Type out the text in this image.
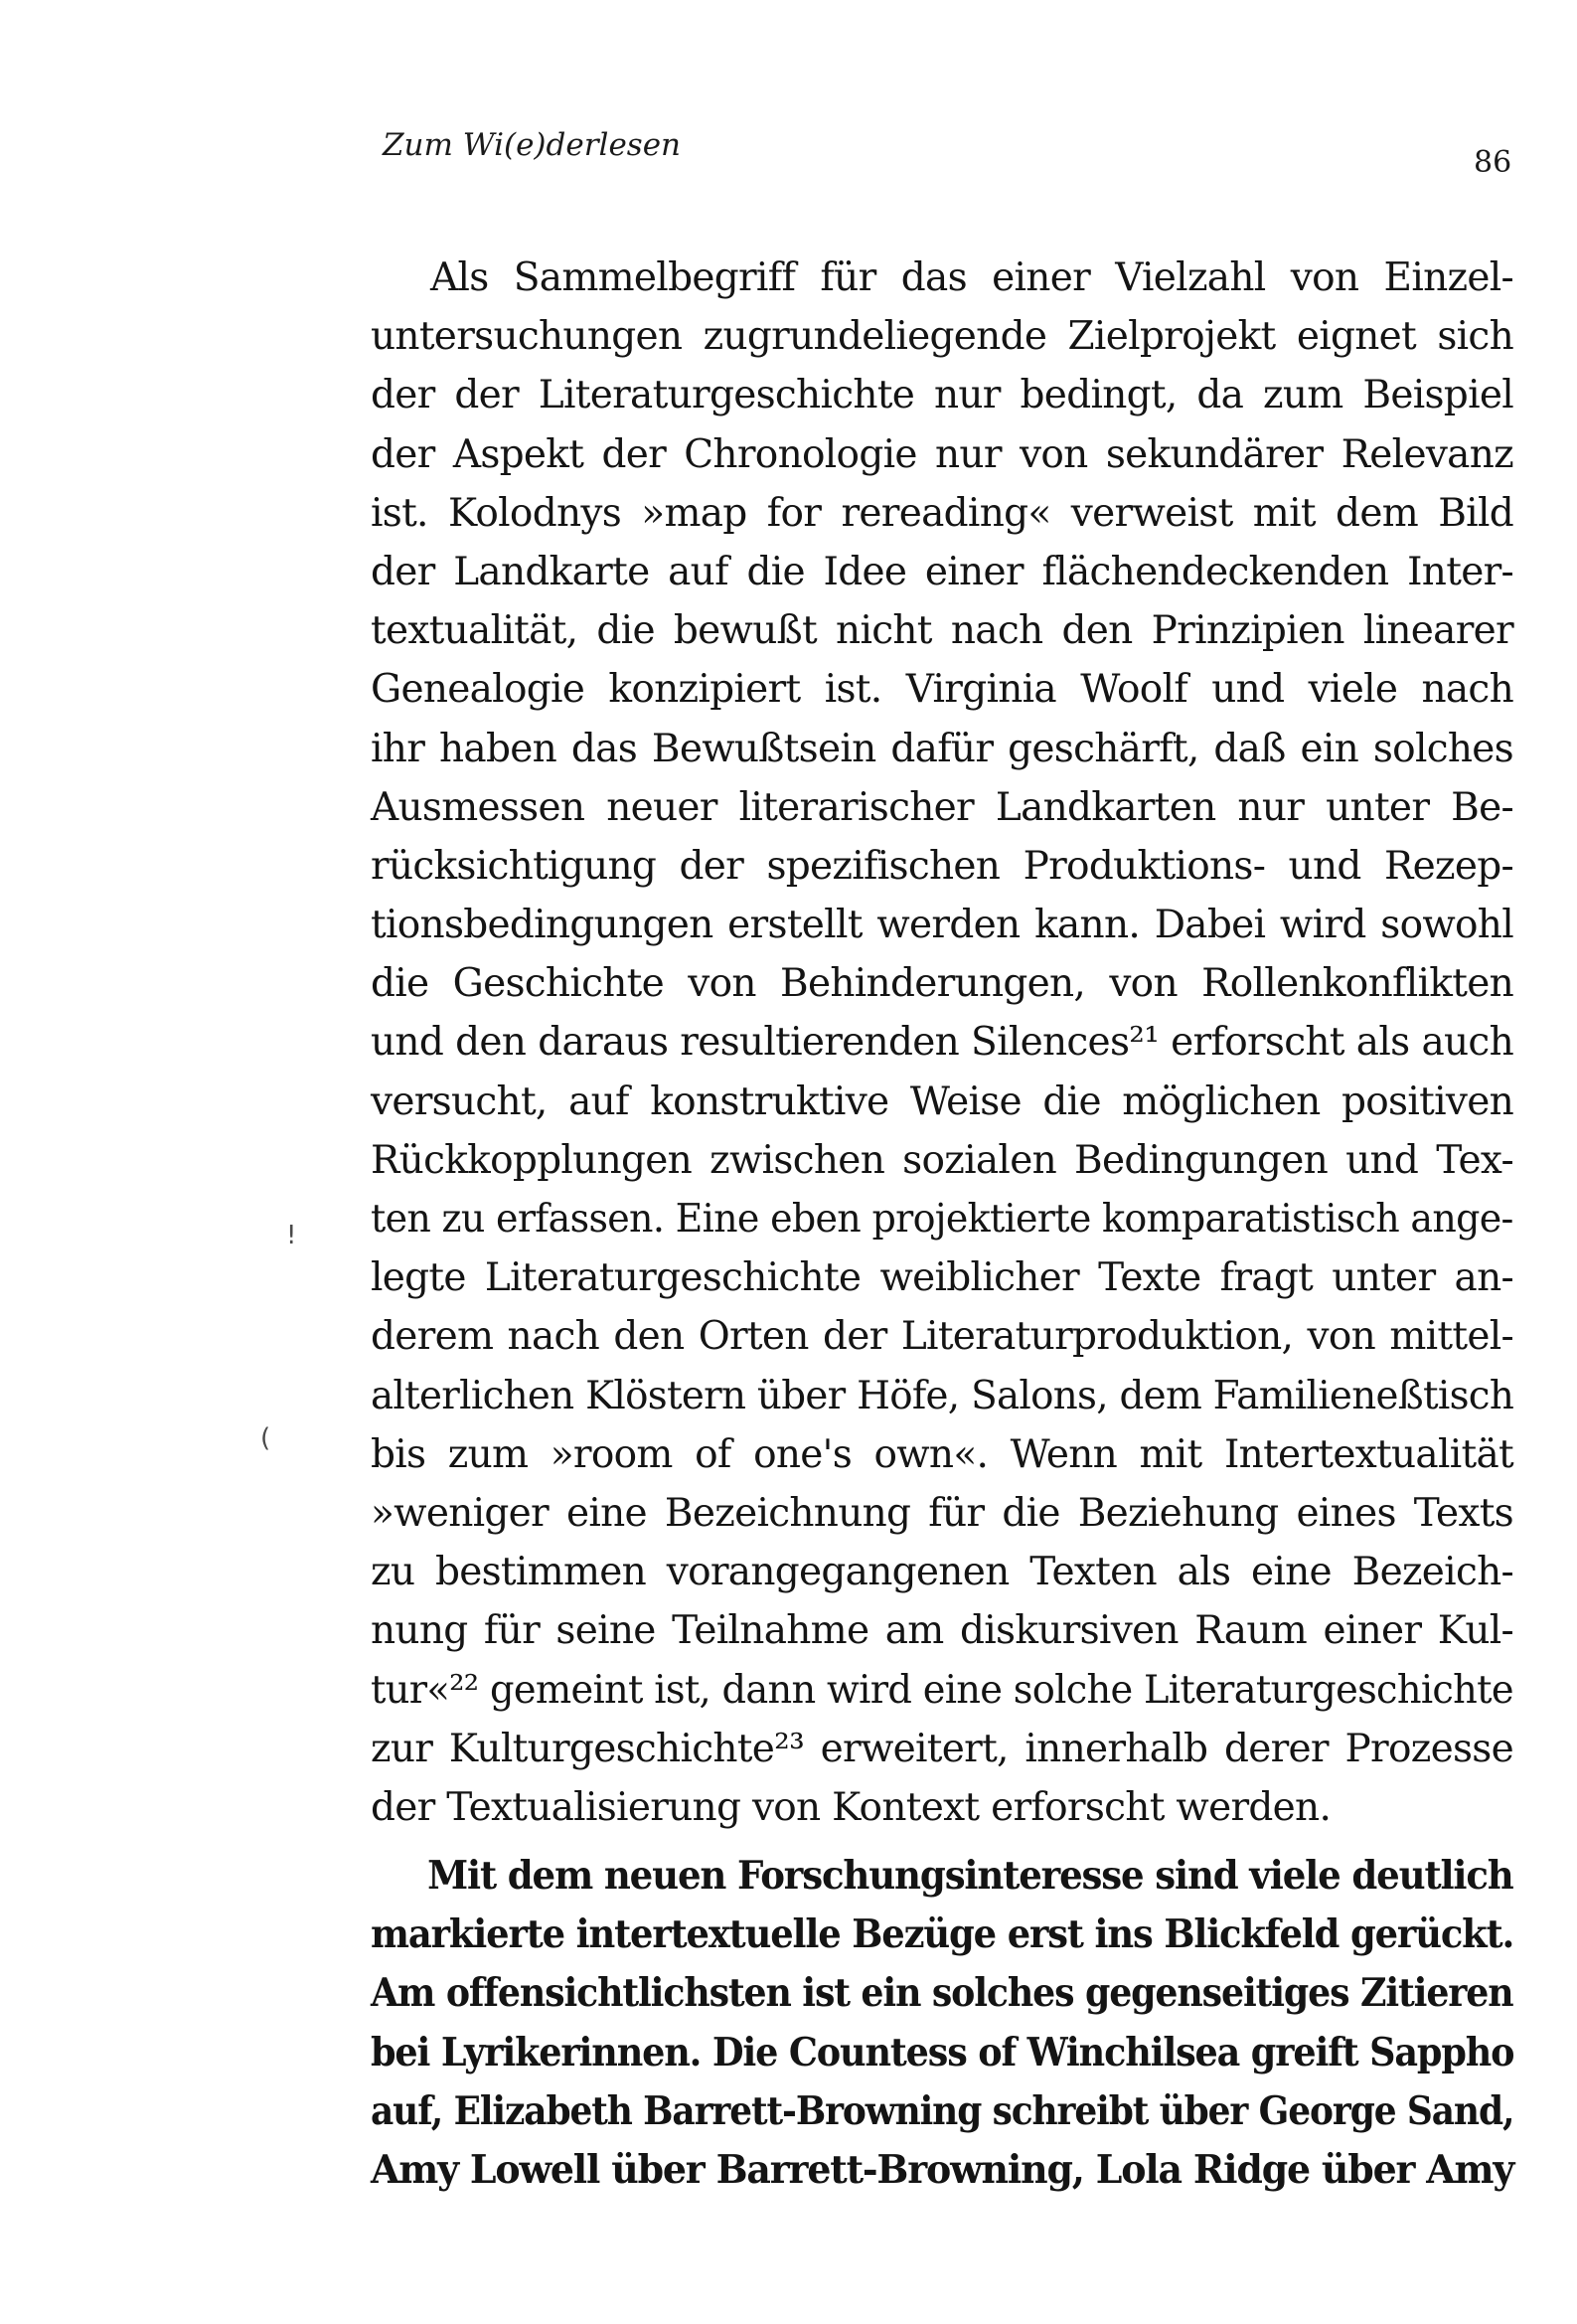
Zum Wi(e)derlesen	86
!
(
Als Sammelbegriff für das einer Vielzahl von Einzel-
untersuchungen zugrundeliegende Zielprojekt eignet sich
der der Literaturgeschichte nur bedingt, da zum Beispiel
der Aspekt der Chronologie nur von sekundärer Relevanz
ist. Kolodnys »map for rereading« verweist mit dem Bild
der Landkarte auf die Idee einer flächendeckenden Inter-
textualität, die bewußt nicht nach den Prinzipien linearer
Genealogie konzipiert ist. Virginia Woolf und viele nach
ihr haben das Bewußtsein dafür geschärft, daß ein solches
Ausmessen neuer literarischer Landkarten nur unter Be-
rücksichtigung der spezifischen Produktions- und Rezep-
tionsbedingungen erstellt werden kann. Dabei wird sowohl
die Geschichte von Behinderungen, von Rollenkonflikten
und den daraus resultierenden Silences²¹ erforscht als auch
versucht, auf konstruktive Weise die möglichen positiven
Rückkopplungen zwischen sozialen Bedingungen und Tex-
ten zu erfassen. Eine eben projektierte komparatistisch ange-
legte Literaturgeschichte weiblicher Texte fragt unter an-
derem nach den Orten der Literaturproduktion, von mittel-
alterlichen Klöstern über Höfe, Salons, dem Familieneßtisch
bis zum »room of one's own«. Wenn mit Intertextualität
»weniger eine Bezeichnung für die Beziehung eines Texts
zu bestimmen vorangegangenen Texten als eine Bezeich-
nung für seine Teilnahme am diskursiven Raum einer Kul-
tur«²² gemeint ist, dann wird eine solche Literaturgeschichte
zur Kulturgeschichte²³ erweitert, innerhalb derer Prozesse
der Textualisierung von Kontext erforscht werden.
Mit dem neuen Forschungsinteresse sind viele deutlich
markierte intertextuelle Bezüge erst ins Blickfeld gerückt.
Am offensichtlichsten ist ein solches gegenseitiges Zitieren
bei Lyrikerinnen. Die Countess of Winchilsea greift Sappho
auf, Elizabeth Barrett-Browning schreibt über George Sand,
Amy Lowell über Barrett-Browning, Lola Ridge über Amy
